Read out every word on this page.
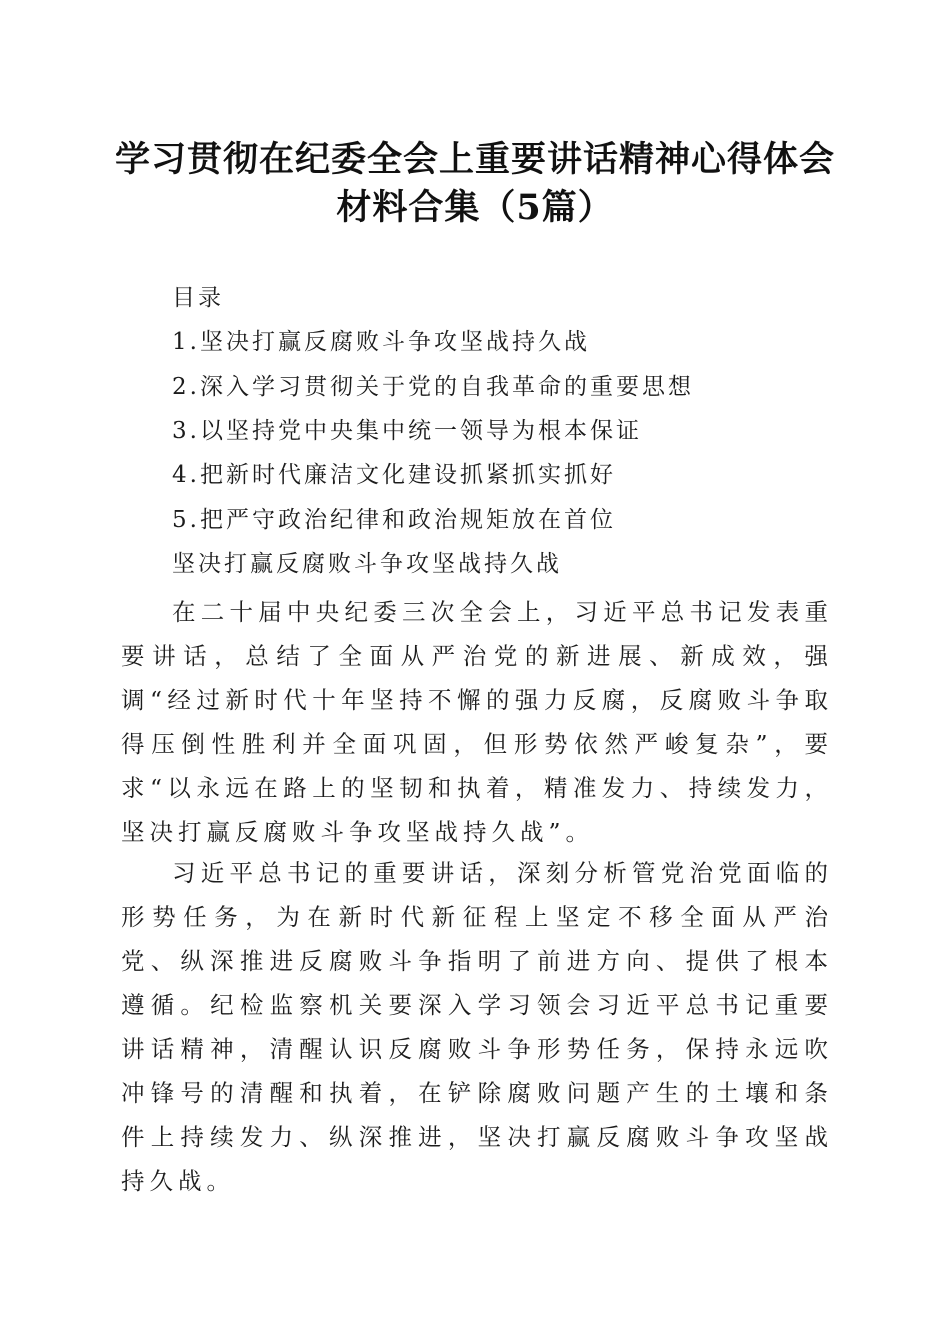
学习贯彻在纪委全会上重要讲话精神心得体会
材料合集（5篇）
目录
1.坚决打赢反腐败斗争攻坚战持久战
2.深入学习贯彻关于党的自我革命的重要思想
3.以坚持党中央集中统一领导为根本保证
4.把新时代廉洁文化建设抓紧抓实抓好
5.把严守政治纪律和政治规矩放在首位
坚决打赢反腐败斗争攻坚战持久战

在二十届中央纪委三次全会上，习近平总书记发表重要讲话，总结了全面从严治党的新进展、新成效，强调“经过新时代十年坚持不懈的强力反腐，反腐败斗争取得压倒性胜利并全面巩固，但形势依然严峻复杂”，要求“以永远在路上的坚韧和执着，精准发力、持续发力，坚决打赢反腐败斗争攻坚战持久战”。

习近平总书记的重要讲话，深刻分析管党治党面临的形势任务，为在新时代新征程上坚定不移全面从严治党、纵深推进反腐败斗争指明了前进方向、提供了根本遵循。纪检监察机关要深入学习领会习近平总书记重要讲话精神，清醒认识反腐败斗争形势任务，保持永远吹冲锋号的清醒和执着，在铲除腐败问题产生的土壤和条件上持续发力、纵深推进，坚决打赢反腐败斗争攻坚战持久战。
